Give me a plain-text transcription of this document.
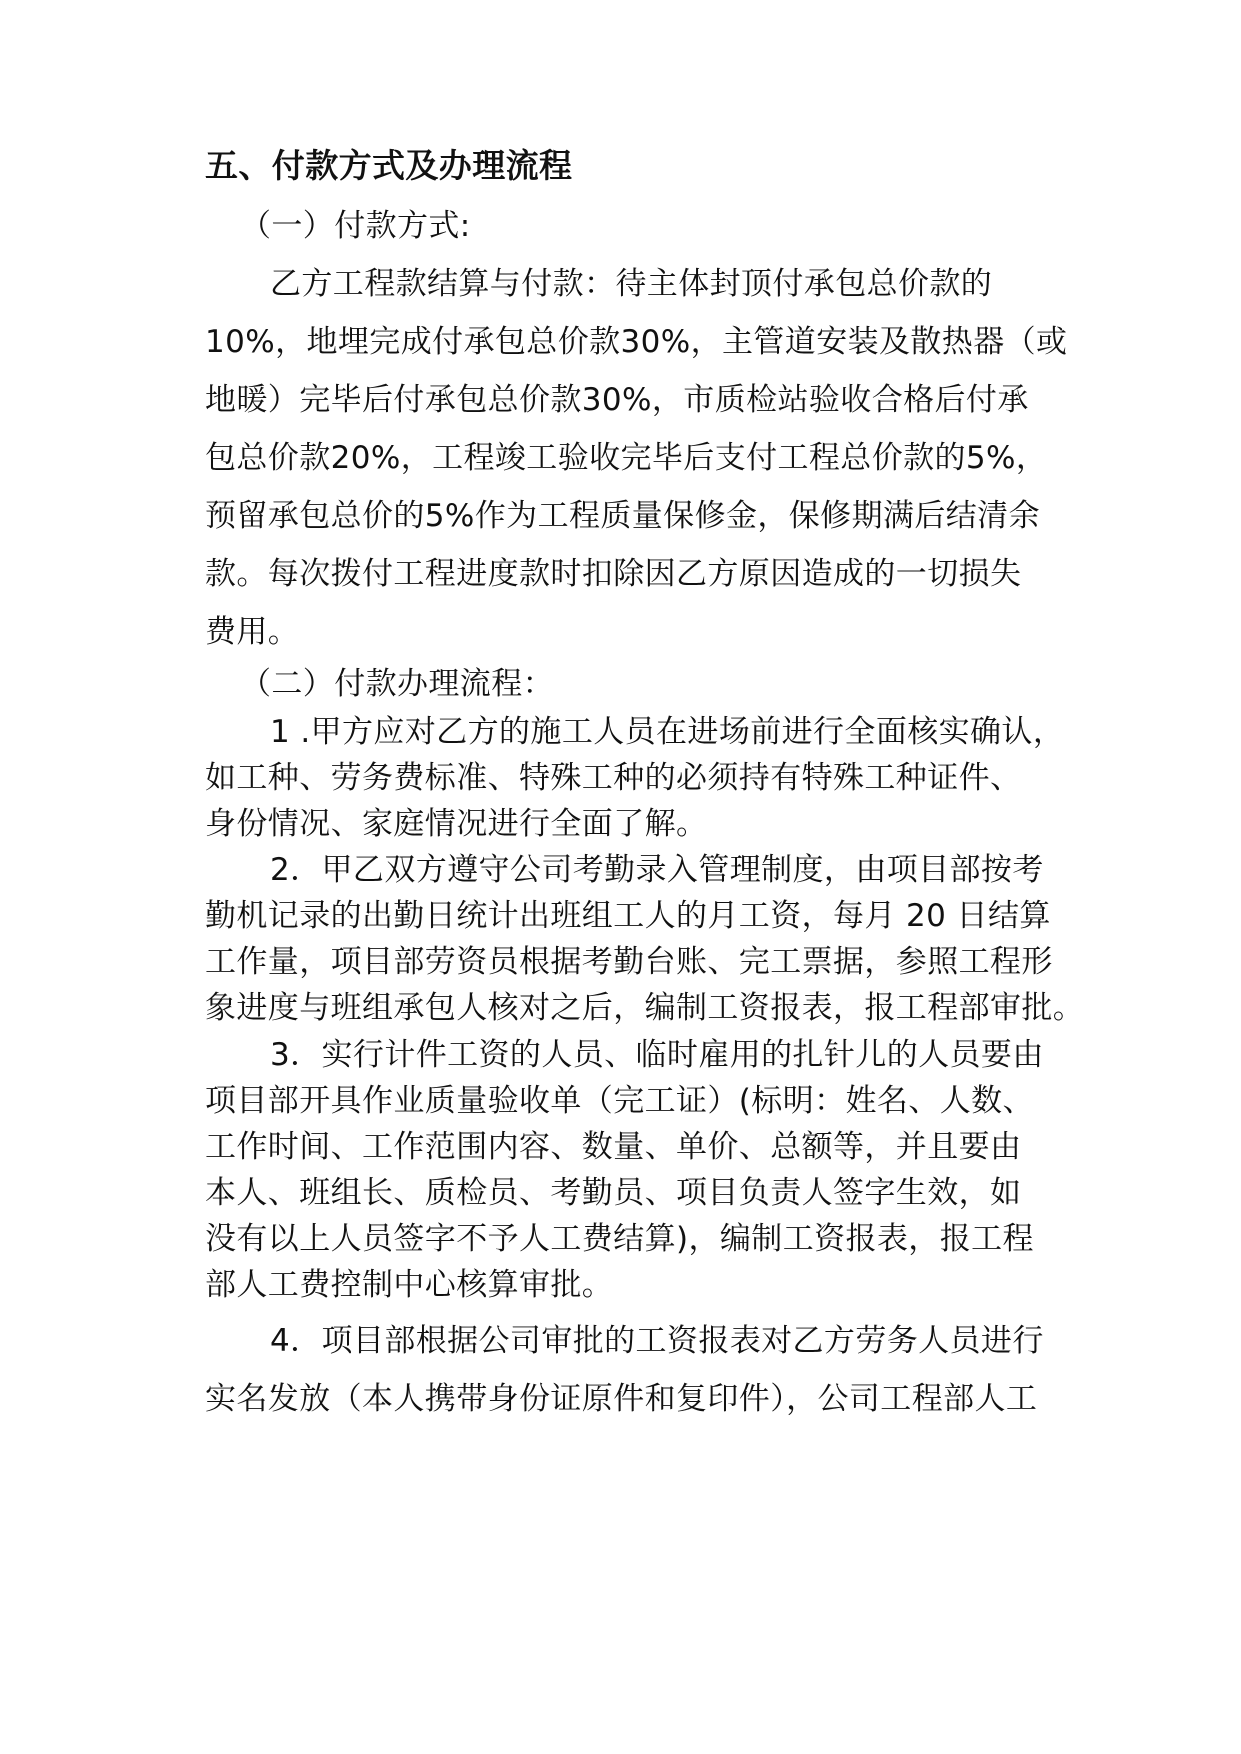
五、付款方式及办理流程
（一）付款方式:
乙方工程款结算与付款：待主体封顶付承包总价款的
10%，地埋完成付承包总价款30%，主管道安装及散热器（或
地暖）完毕后付承包总价款30%，市质检站验收合格后付承
包总价款20%，工程竣工验收完毕后支付工程总价款的5%，
预留承包总价的5%作为工程质量保修金，保修期满后结清余
款。每次拨付工程进度款时扣除因乙方原因造成的一切损失
费用。
（二）付款办理流程：
1 .甲方应对乙方的施工人员在进场前进行全面核实确认，
如工种、劳务费标准、特殊工种的必须持有特殊工种证件、
身份情况、家庭情况进行全面了解。
2．甲乙双方遵守公司考勤录入管理制度，由项目部按考
勤机记录的出勤日统计出班组工人的月工资，每月 20 日结算
工作量，项目部劳资员根据考勤台账、完工票据，参照工程形
象进度与班组承包人核对之后，编制工资报表，报工程部审批。
3．实行计件工资的人员、临时雇用的扎针儿的人员要由
项目部开具作业质量验收单（完工证）(标明：姓名、人数、
工作时间、工作范围内容、数量、单价、总额等，并且要由
本人、班组长、质检员、考勤员、项目负责人签字生效，如
没有以上人员签字不予人工费结算)，编制工资报表，报工程
部人工费控制中心核算审批。
4．项目部根据公司审批的工资报表对乙方劳务人员进行
实名发放（本人携带身份证原件和复印件），公司工程部人工
